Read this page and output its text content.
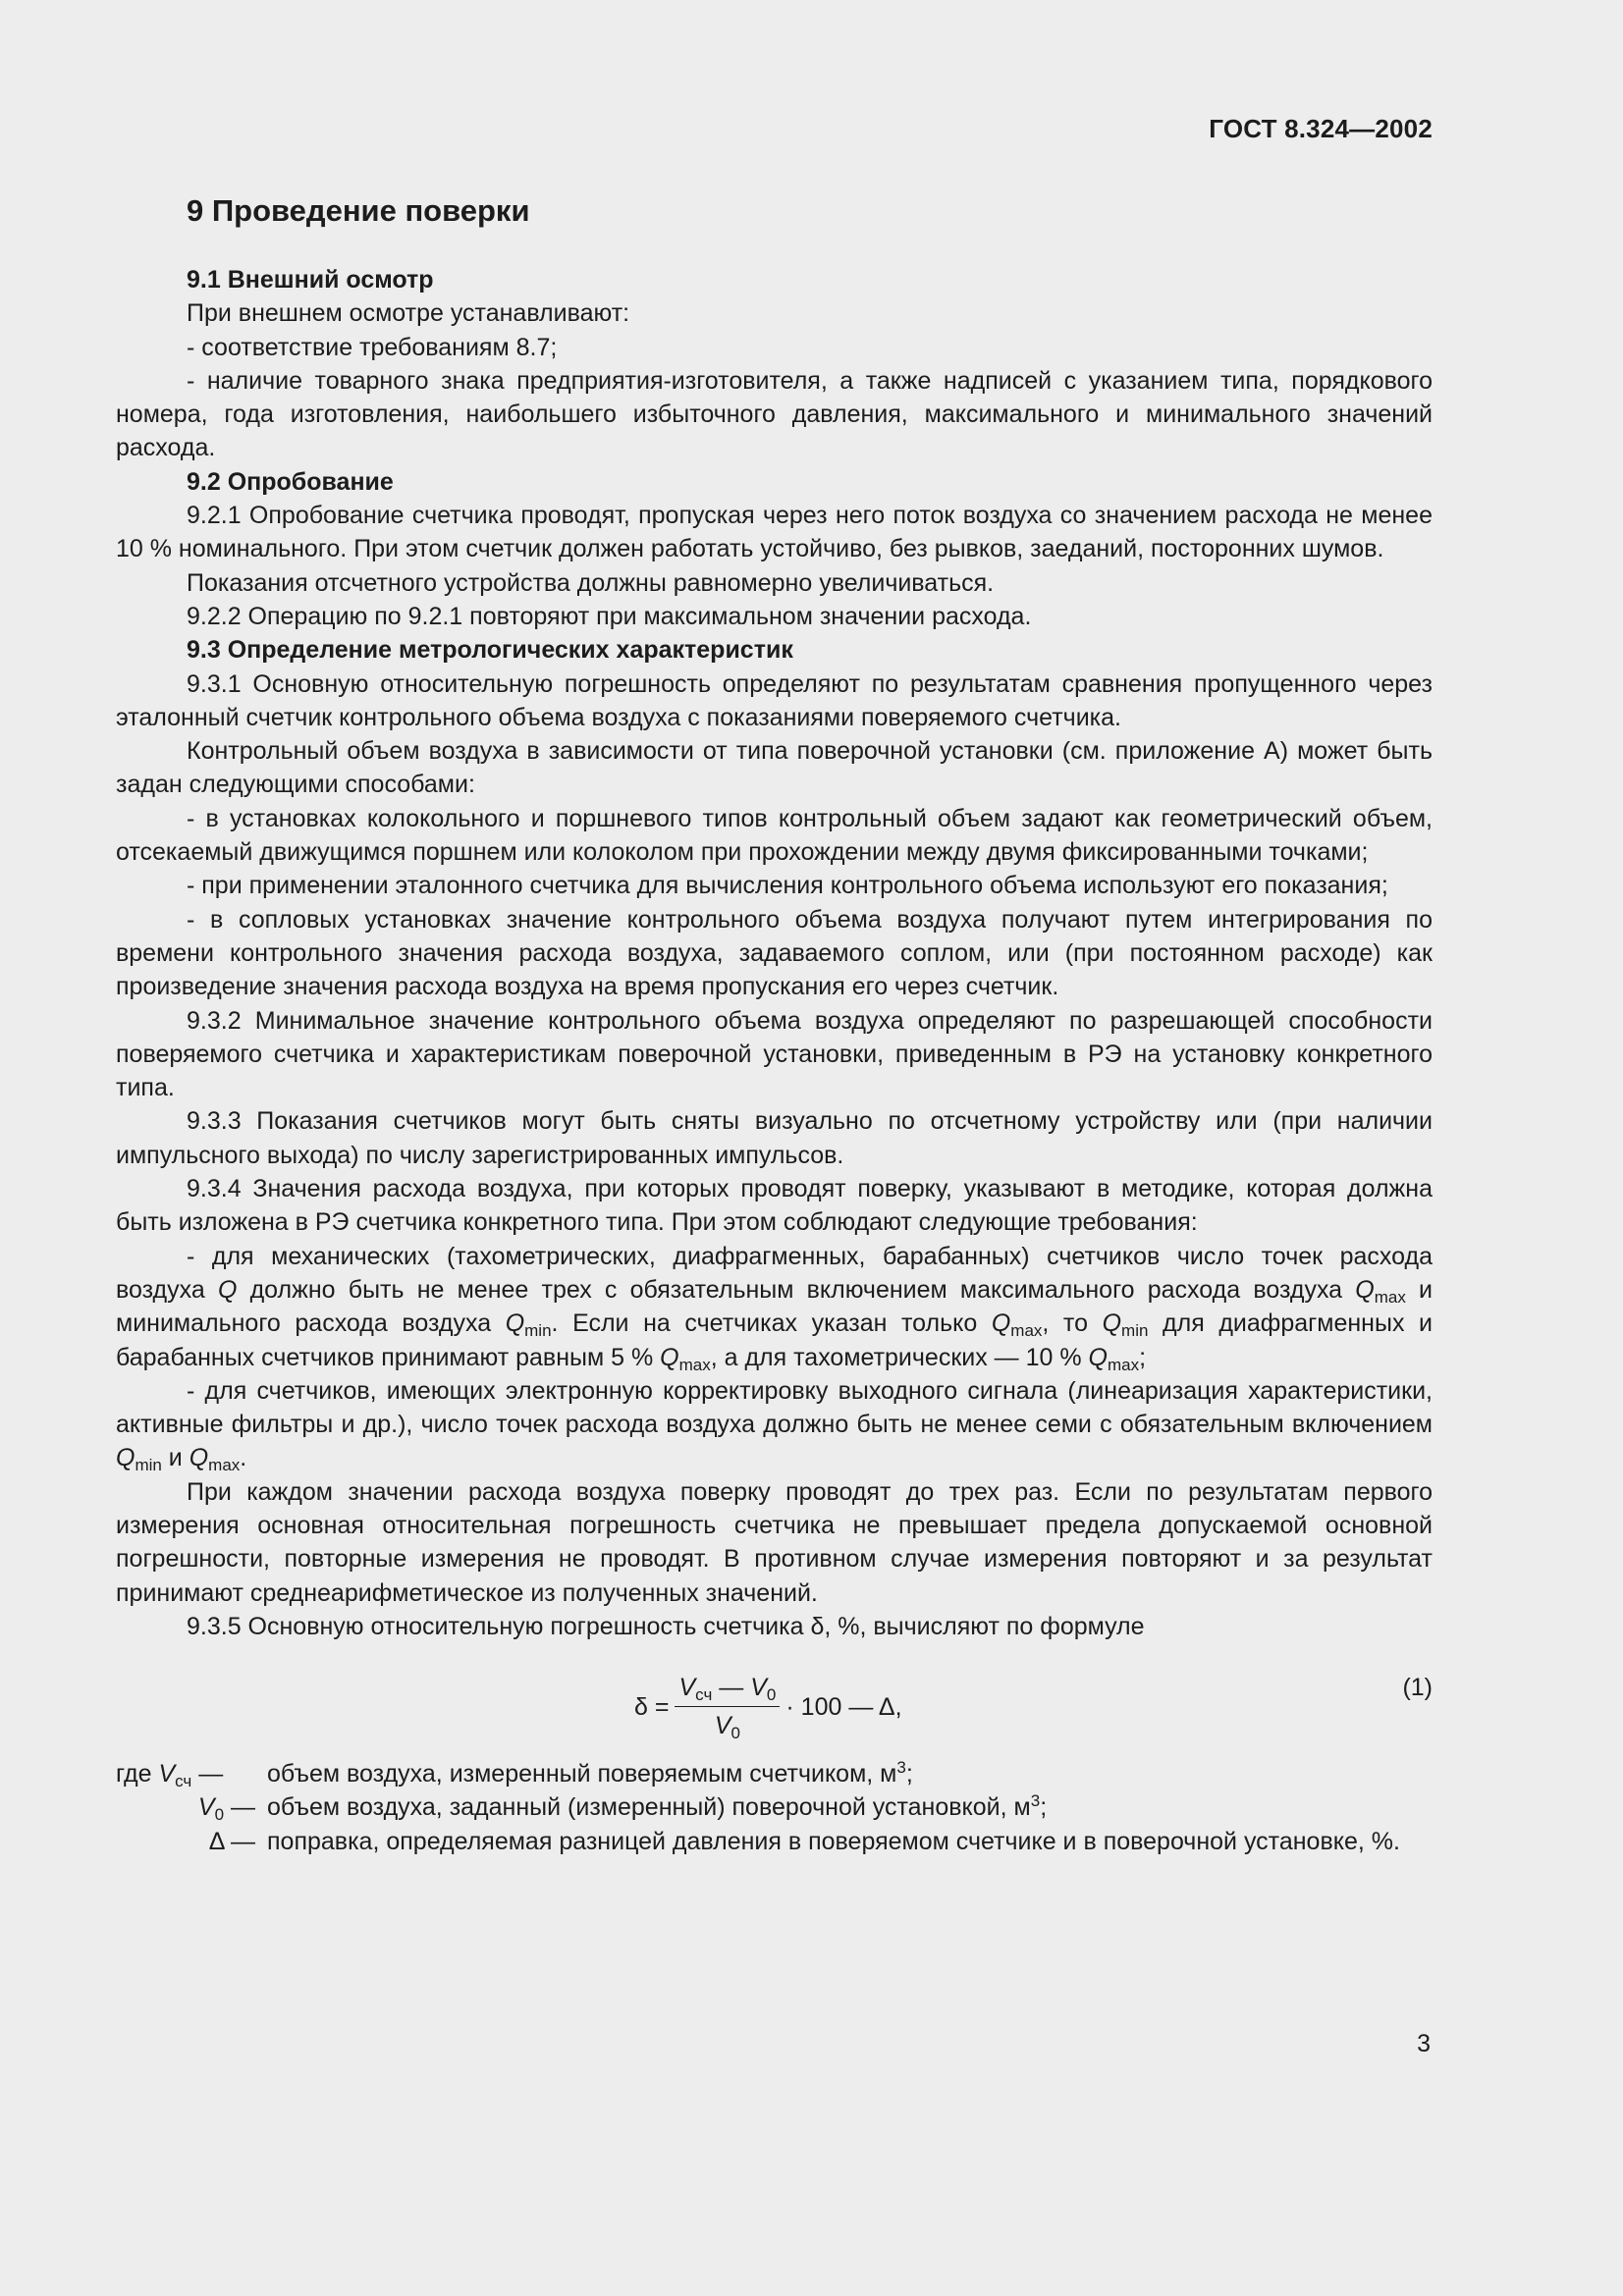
ГОСТ 8.324—2002
9 Проведение поверки
9.1 Внешний осмотр
При внешнем осмотре устанавливают:
- соответствие требованиям 8.7;
- наличие товарного знака предприятия-изготовителя, а также надписей с указанием типа, порядкового номера, года изготовления, наибольшего избыточного давления, максимального и минимального значений расхода.
9.2 Опробование
9.2.1 Опробование счетчика проводят, пропуская через него поток воздуха со значением расхода не менее 10 % номинального. При этом счетчик должен работать устойчиво, без рывков, заеданий, посторонних шумов.
Показания отсчетного устройства должны равномерно увеличиваться.
9.2.2 Операцию по 9.2.1 повторяют при максимальном значении расхода.
9.3 Определение метрологических характеристик
9.3.1 Основную относительную погрешность определяют по результатам сравнения пропущенного через эталонный счетчик контрольного объема воздуха с показаниями поверяемого счетчика.
Контрольный объем воздуха в зависимости от типа поверочной установки (см. приложение А) может быть задан следующими способами:
- в установках колокольного и поршневого типов контрольный объем задают как геометрический объем, отсекаемый движущимся поршнем или колоколом при прохождении между двумя фиксированными точками;
- при применении эталонного счетчика для вычисления контрольного объема используют его показания;
- в сопловых установках значение контрольного объема воздуха получают путем интегрирования по времени контрольного значения расхода воздуха, задаваемого соплом, или (при постоянном расходе) как произведение значения расхода воздуха на время пропускания его через счетчик.
9.3.2 Минимальное значение контрольного объема воздуха определяют по разрешающей способности поверяемого счетчика и характеристикам поверочной установки, приведенным в РЭ на установку конкретного типа.
9.3.3 Показания счетчиков могут быть сняты визуально по отсчетному устройству или (при наличии импульсного выхода) по числу зарегистрированных импульсов.
9.3.4 Значения расхода воздуха, при которых проводят поверку, указывают в методике, которая должна быть изложена в РЭ счетчика конкретного типа. При этом соблюдают следующие требования:
- для механических (тахометрических, диафрагменных, барабанных) счетчиков число точек расхода воздуха Q должно быть не менее трех с обязательным включением максимального расхода воздуха $Q_{max}$ и минимального расхода воздуха $Q_{min}$. Если на счетчиках указан только $Q_{max}$, то $Q_{min}$ для диафрагменных и барабанных счетчиков принимают равным 5 % $Q_{max}$, а для тахометрических — 10 % $Q_{max}$;
- для счетчиков, имеющих электронную корректировку выходного сигнала (линеаризация характеристики, активные фильтры и др.), число точек расхода воздуха должно быть не менее семи с обязательным включением $Q_{min}$ и $Q_{max}$.
При каждом значении расхода воздуха поверку проводят до трех раз. Если по результатам первого измерения основная относительная погрешность счетчика не превышает предела допускаемой основной погрешности, повторные измерения не проводят. В противном случае измерения повторяют и за результат принимают среднеарифметическое из полученных значений.
9.3.5 Основную относительную погрешность счетчика δ, %, вычисляют по формуле
$\delta = \frac{V_{сч} — V_0}{V_0} \cdot 100$ — Δ,
(1)
где $V_{сч}$ —	объем воздуха, измеренный поверяемым счетчиком, $м^3$;
$V_0$ — объем воздуха, заданный (измеренный) поверочной установкой, $м^3$;
Δ — поправка, определяемая разницей давления в поверяемом счетчике и в поверочной установке, %.
3
